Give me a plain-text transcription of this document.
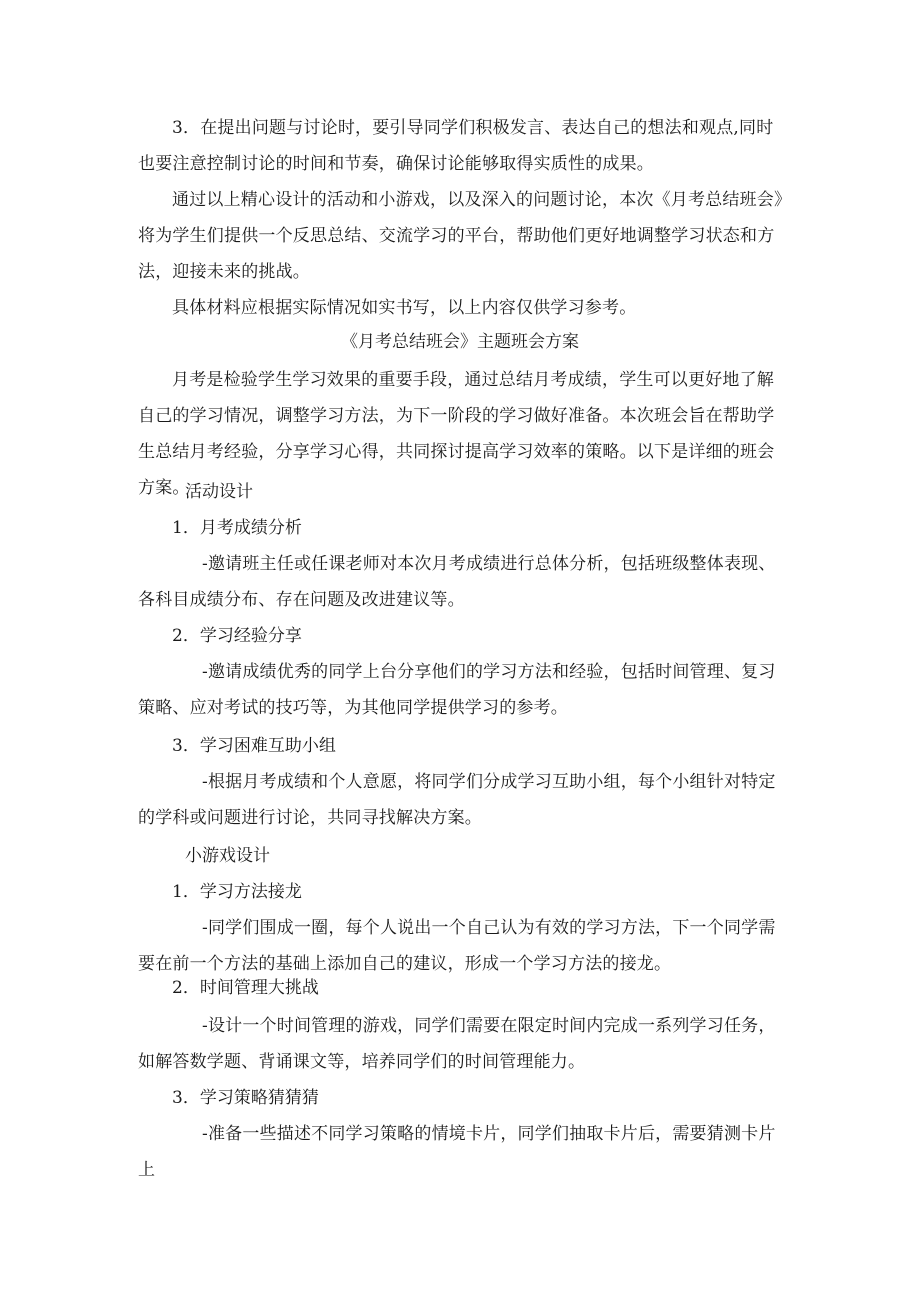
3．在提出问题与讨论时，要引导同学们积极发言、表达自己的想法和观点,同时也要注意控制讨论的时间和节奏，确保讨论能够取得实质性的成果。

通过以上精心设计的活动和小游戏，以及深入的问题讨论，本次《月考总结班会》将为学生们提供一个反思总结、交流学习的平台，帮助他们更好地调整学习状态和方法，迎接未来的挑战。

具体材料应根据实际情况如实书写，以上内容仅供学习参考。

《月考总结班会》主题班会方案

月考是检验学生学习效果的重要手段，通过总结月考成绩，学生可以更好地了解自己的学习情况，调整学习方法，为下一阶段的学习做好准备。本次班会旨在帮助学生总结月考经验，分享学习心得，共同探讨提高学习效率的策略。以下是详细的班会方案。

活动设计
1．月考成绩分析

-邀请班主任或任课老师对本次月考成绩进行总体分析，包括班级整体表现、各科目成绩分布、存在问题及改进建议等。

2．学习经验分享

-邀请成绩优秀的同学上台分享他们的学习方法和经验，包括时间管理、复习策略、应对考试的技巧等，为其他同学提供学习的参考。

3．学习困难互助小组

-根据月考成绩和个人意愿，将同学们分成学习互助小组，每个小组针对特定的学科或问题进行讨论，共同寻找解决方案。

小游戏设计
1．学习方法接龙

-同学们围成一圈，每个人说出一个自己认为有效的学习方法，下一个同学需要在前一个方法的基础上添加自己的建议，形成一个学习方法的接龙。

2．时间管理大挑战

-设计一个时间管理的游戏，同学们需要在限定时间内完成一系列学习任务，如解答数学题、背诵课文等，培养同学们的时间管理能力。

3．学习策略猜猜猜

-准备一些描述不同学习策略的情境卡片，同学们抽取卡片后，需要猜测卡片上
